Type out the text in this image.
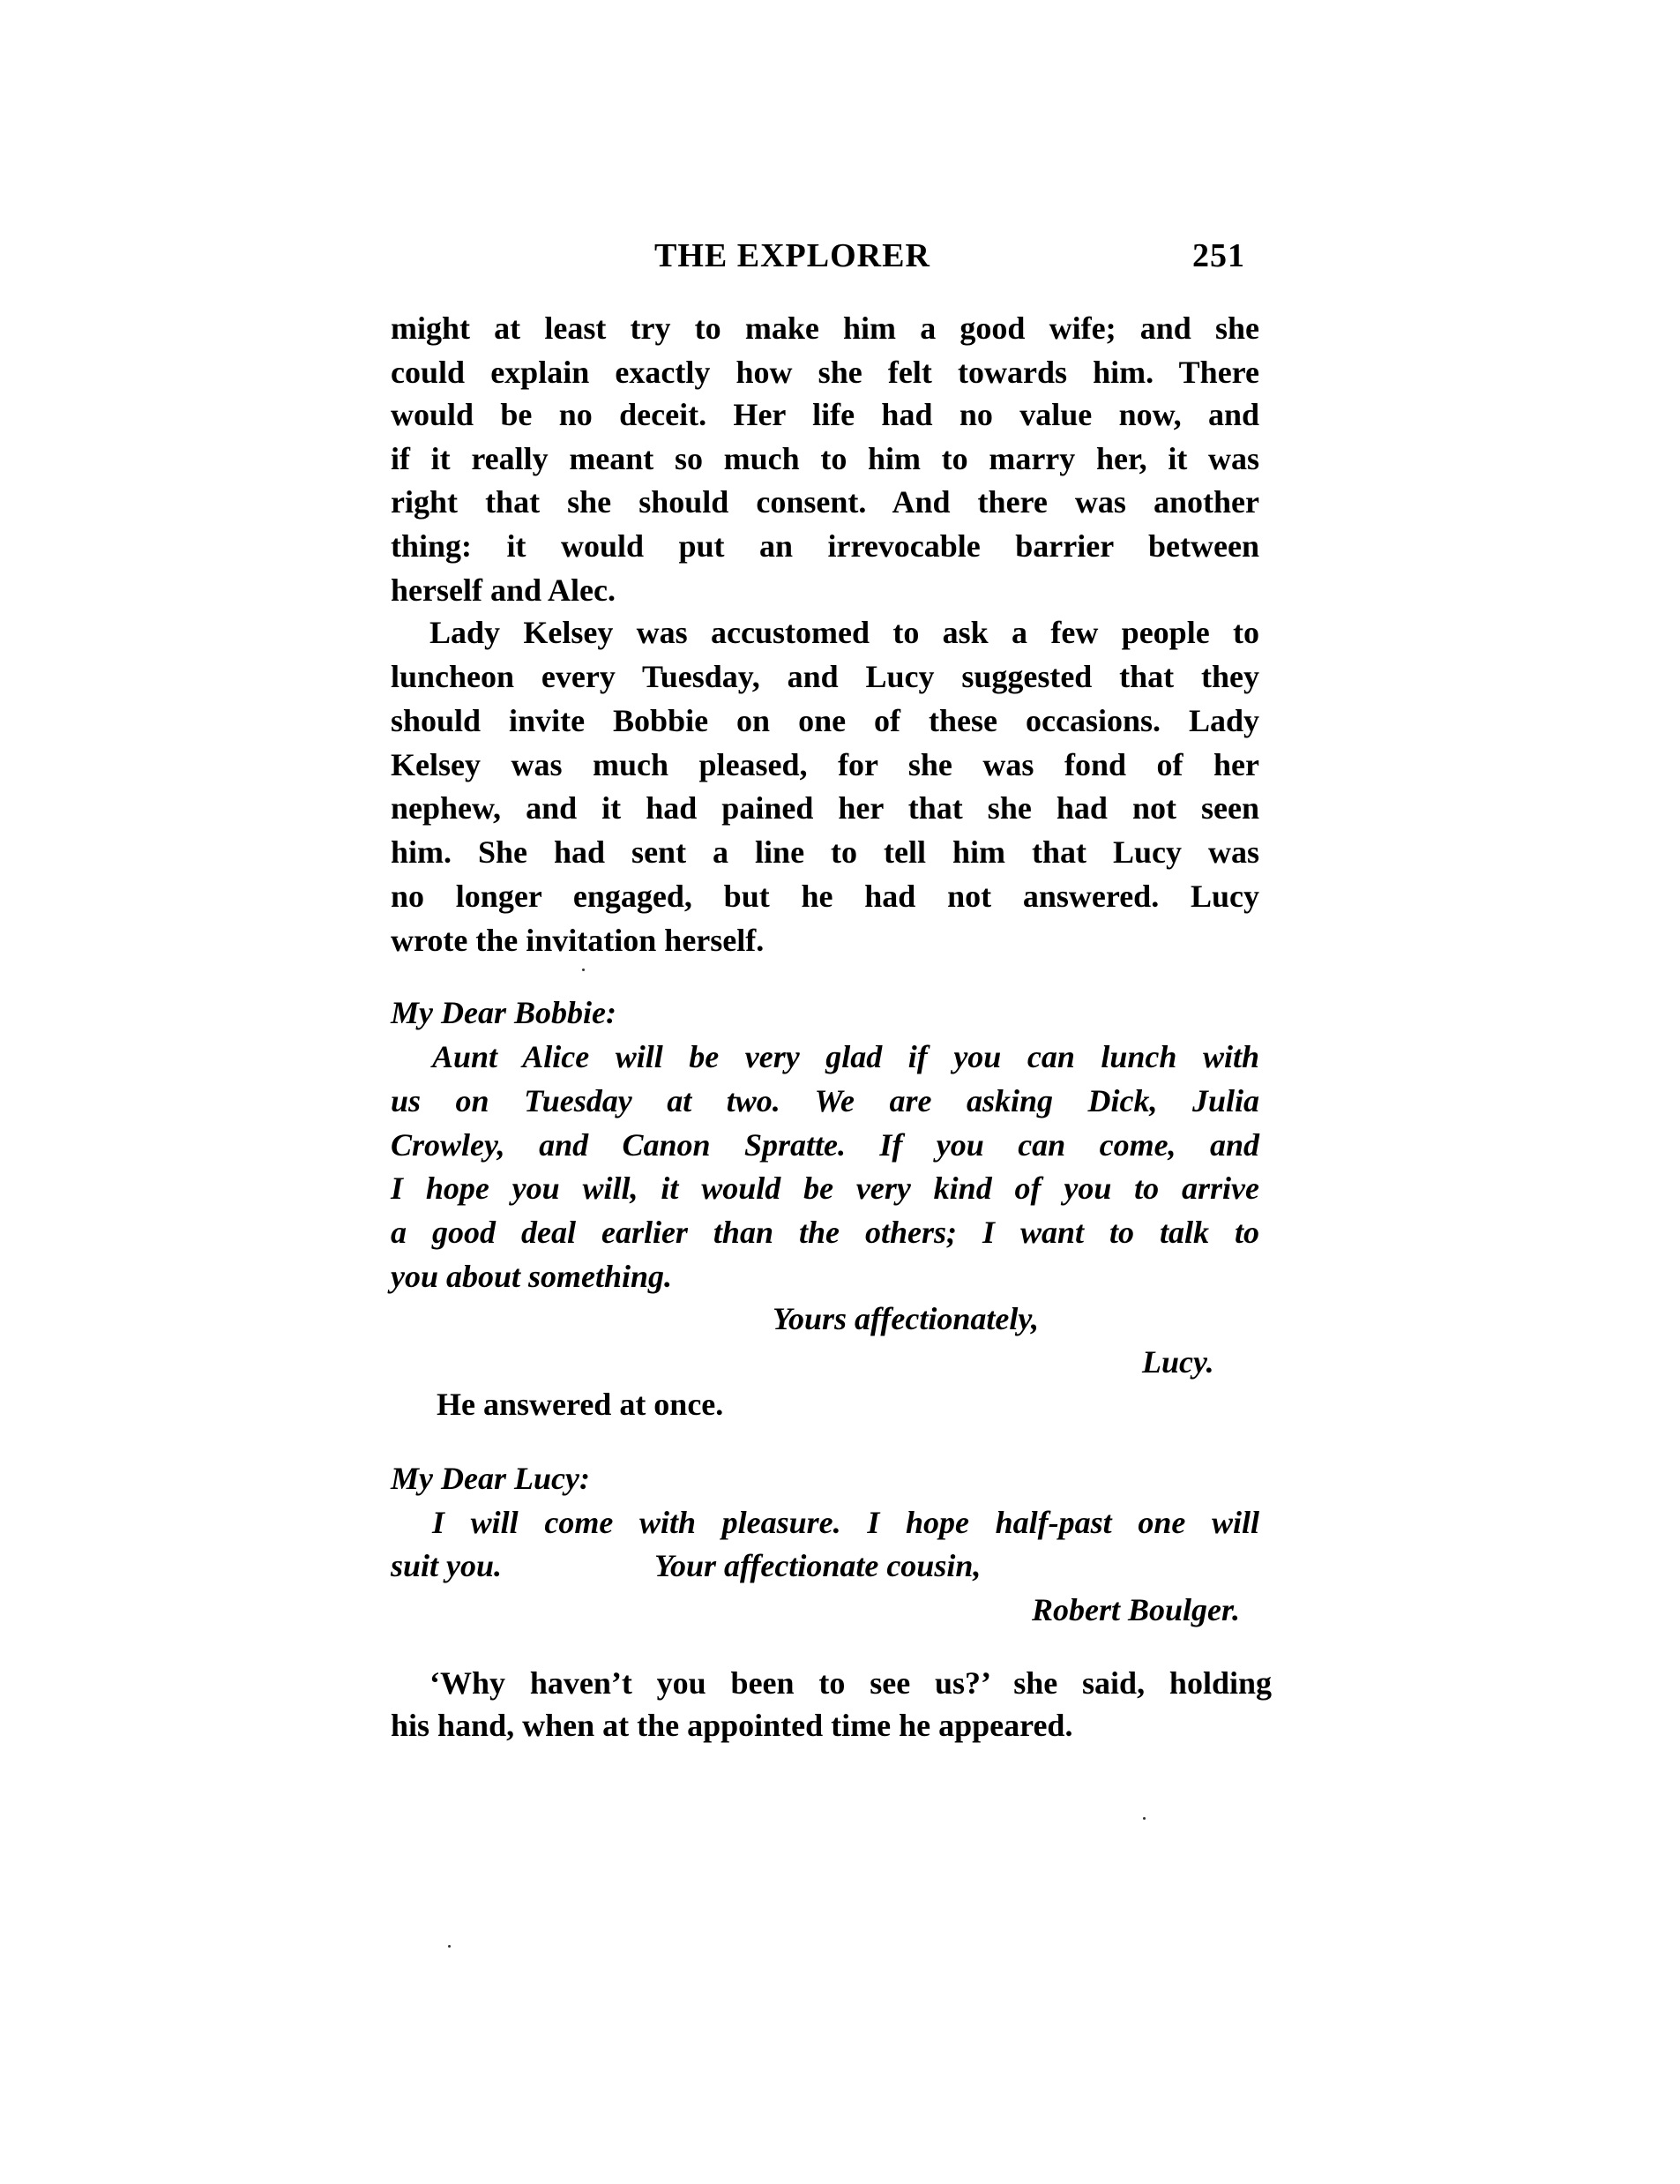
THE EXPLORER	251
might at least try to make him a good wife; and she
could explain exactly how she felt towards him. There
would be no deceit. Her life had no value now, and
if it really meant so much to him to marry her, it was
right that she should consent. And there was another
thing: it would put an irrevocable barrier between
herself and Alec.
Lady Kelsey was accustomed to ask a few people to
luncheon every Tuesday, and Lucy suggested that they
should invite Bobbie on one of these occasions. Lady
Kelsey was much pleased, for she was fond of her
nephew, and it had pained her that she had not seen
him. She had sent a line to tell him that Lucy was
no longer engaged, but he had not answered. Lucy
wrote the invitation herself.
My Dear Bobbie:
Aunt Alice will be very glad if you can lunch with
us on Tuesday at two. We are asking Dick, Julia
Crowley, and Canon Spratte. If you can come, and
I hope you will, it would be very kind of you to arrive
a good deal earlier than the others; I want to talk to
you about something.
Yours affectionately,
Lucy.
He answered at once.
My Dear Lucy:
I will come with pleasure. I hope half-past one will
suit you.	Your affectionate cousin,
Robert Boulger.
‘Why haven’t you been to see us?’ she said, holding
his hand, when at the appointed time he appeared.
